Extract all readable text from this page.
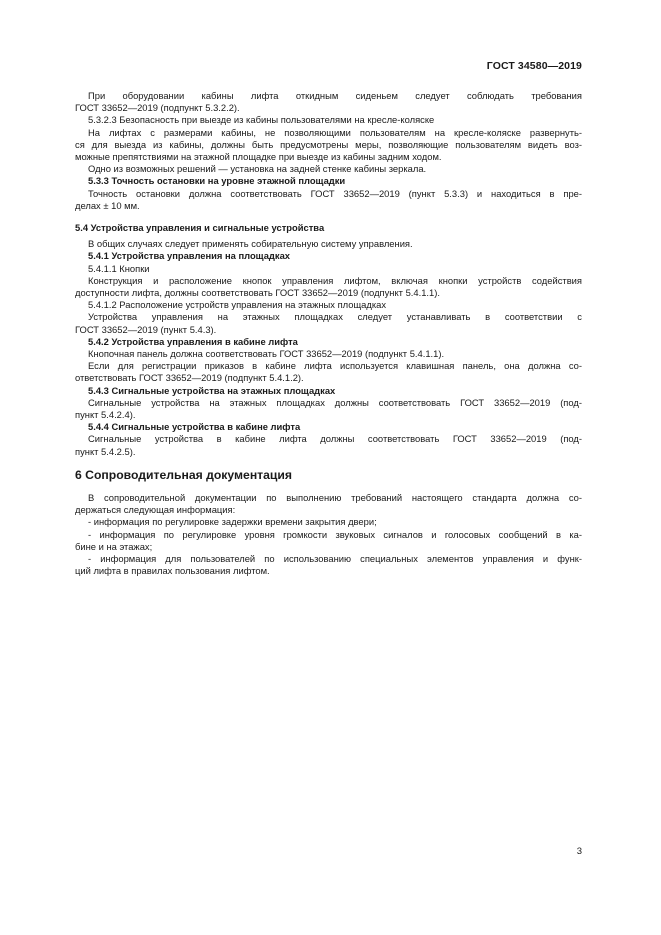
ГОСТ 34580—2019
При оборудовании кабины лифта откидным сиденьем следует соблюдать требования
ГОСТ 33652—2019 (подпункт 5.3.2.2).
5.3.2.3 Безопасность при выезде из кабины пользователями на кресле-коляске
На лифтах с размерами кабины, не позволяющими пользователям на кресле-коляске развернуть-
ся для выезда из кабины, должны быть предусмотрены меры, позволяющие пользователям видеть воз-
можные препятствиями на этажной площадке при выезде из кабины задним ходом.
Одно из возможных решений — установка на задней стенке кабины зеркала.
5.3.3 Точность остановки на уровне этажной площадки
Точность остановки должна соответствовать ГОСТ 33652—2019 (пункт 5.3.3) и находиться в пре-
делах ± 10 мм.
5.4 Устройства управления и сигнальные устройства
В общих случаях следует применять собирательную систему управления.
5.4.1 Устройства управления на площадках
5.4.1.1 Кнопки
Конструкция и расположение кнопок управления лифтом, включая кнопки устройств содействия
доступности лифта, должны соответствовать ГОСТ 33652—2019 (подпункт 5.4.1.1).
5.4.1.2 Расположение устройств управления на этажных площадках
Устройства управления на этажных площадках следует устанавливать в соответствии с
ГОСТ 33652—2019 (пункт 5.4.3).
5.4.2 Устройства управления в кабине лифта
Кнопочная панель должна соответствовать ГОСТ 33652—2019 (подпункт 5.4.1.1).
Если для регистрации приказов в кабине лифта используется клавишная панель, она должна со-
ответствовать ГОСТ 33652—2019 (подпункт 5.4.1.2).
5.4.3 Сигнальные устройства на этажных площадках
Сигнальные устройства на этажных площадках должны соответствовать ГОСТ 33652—2019 (под-
пункт 5.4.2.4).
5.4.4 Сигнальные устройства в кабине лифта
Сигнальные устройства в кабине лифта должны соответствовать ГОСТ 33652—2019 (под-
пункт 5.4.2.5).
6 Сопроводительная документация
В сопроводительной документации по выполнению требований настоящего стандарта должна со-
держаться следующая информация:
- информация по регулировке задержки времени закрытия двери;
- информация по регулировке уровня громкости звуковых сигналов и голосовых сообщений в ка-
бине и на этажах;
- информация для пользователей по использованию специальных элементов управления и функ-
ций лифта в правилах пользования лифтом.
3
